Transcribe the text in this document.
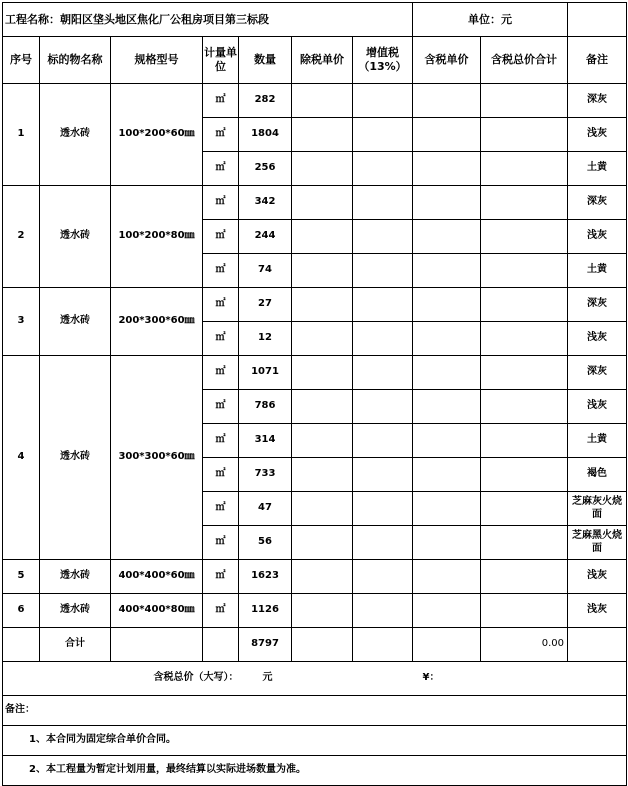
工程名称：朝阳区垡头地区焦化厂公租房项目第三标段							单位：元		
序号	标的物名称	规格型号	计量单位	数量	除税单价	增值税（13%）	含税单价	含税总价合计	备注
1	透水砖	100*200*60㎜	㎡	282					深灰
			㎡	1804					浅灰
			㎡	256					土黄
2	透水砖	100*200*80㎜	㎡	342					深灰
			㎡	244					浅灰
			㎡	74					土黄
3	透水砖	200*300*60㎜	㎡	27					深灰
			㎡	12					浅灰
4	透水砖	300*300*60㎜	㎡	1071					深灰
			㎡	786					浅灰
			㎡	314					土黄
			㎡	733					褐色
			㎡	47					芝麻灰火烧面
			㎡	56					芝麻黑火烧面
5	透水砖	400*400*60㎜	㎡	1623					浅灰
6	透水砖	400*400*80㎜	㎡	1126					浅灰
	合计			8797				0.00	
含税总价（大写）：				元		¥：			
备注：									
1、本合同为固定综合单价合同。									
2、本工程量为暂定计划用量，最终结算以实际进场数量为准。									
